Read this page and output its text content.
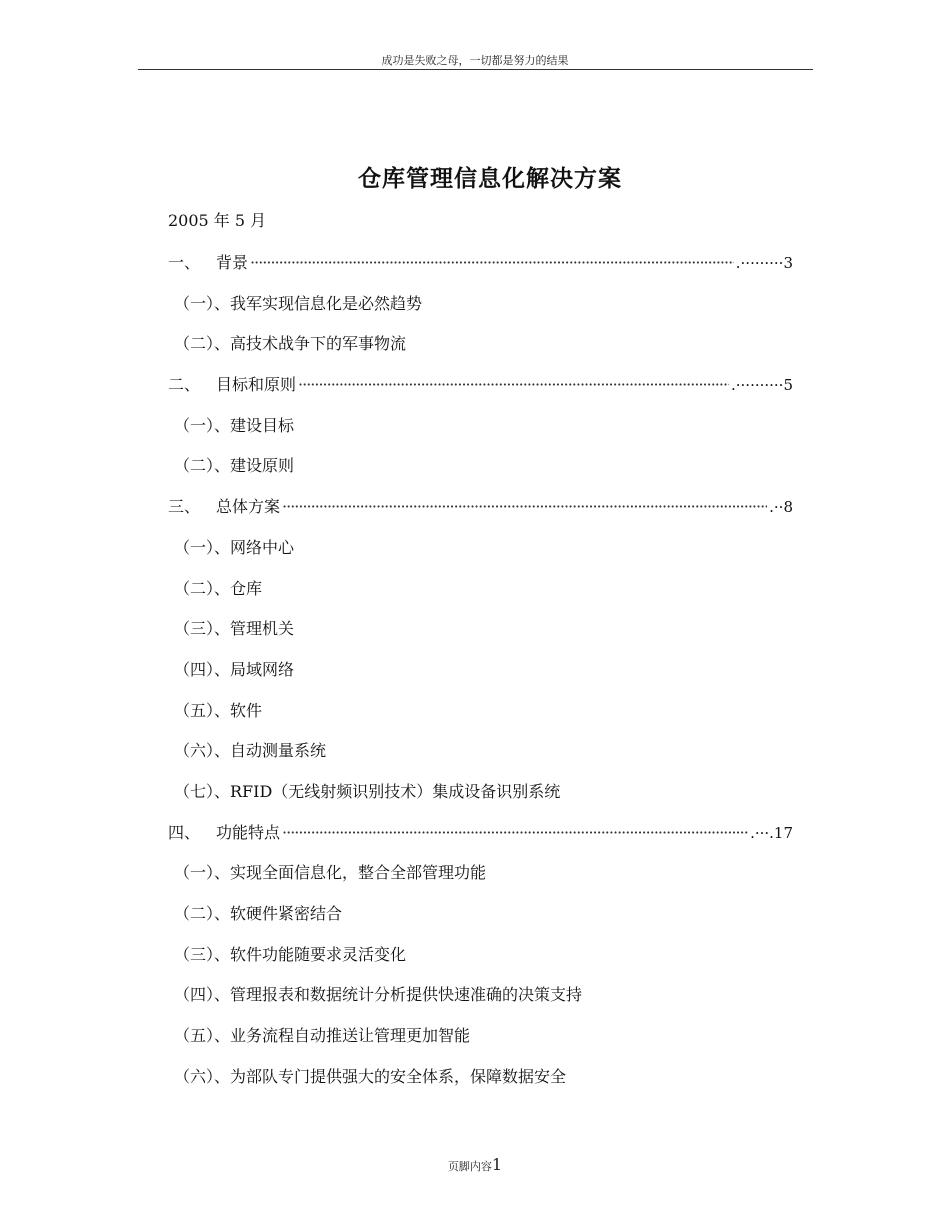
成功是失败之母，一切都是努力的结果
仓库管理信息化解决方案
2005 年 5 月
一、 背景 ·····	.·········3
（一）、我军实现信息化是必然趋势
（二）、高技术战争下的军事物流
二、 目标和原则 ·····	.··········5
（一）、建设目标
（二）、建设原则
三、 总体方案 ·····	.··8
（一）、网络中心
（二）、仓库
（三）、管理机关
（四）、局域网络
（五）、软件
（六）、自动测量系统
（七）、RFID（无线射频识别技术）集成设备识别系统
四、 功能特点 ·····	.···.17
（一）、实现全面信息化，整合全部管理功能
（二）、软硬件紧密结合
（三）、软件功能随要求灵活变化
（四）、管理报表和数据统计分析提供快速准确的决策支持
（五）、业务流程自动推送让管理更加智能
（六）、为部队专门提供强大的安全体系，保障数据安全
页脚内容1
